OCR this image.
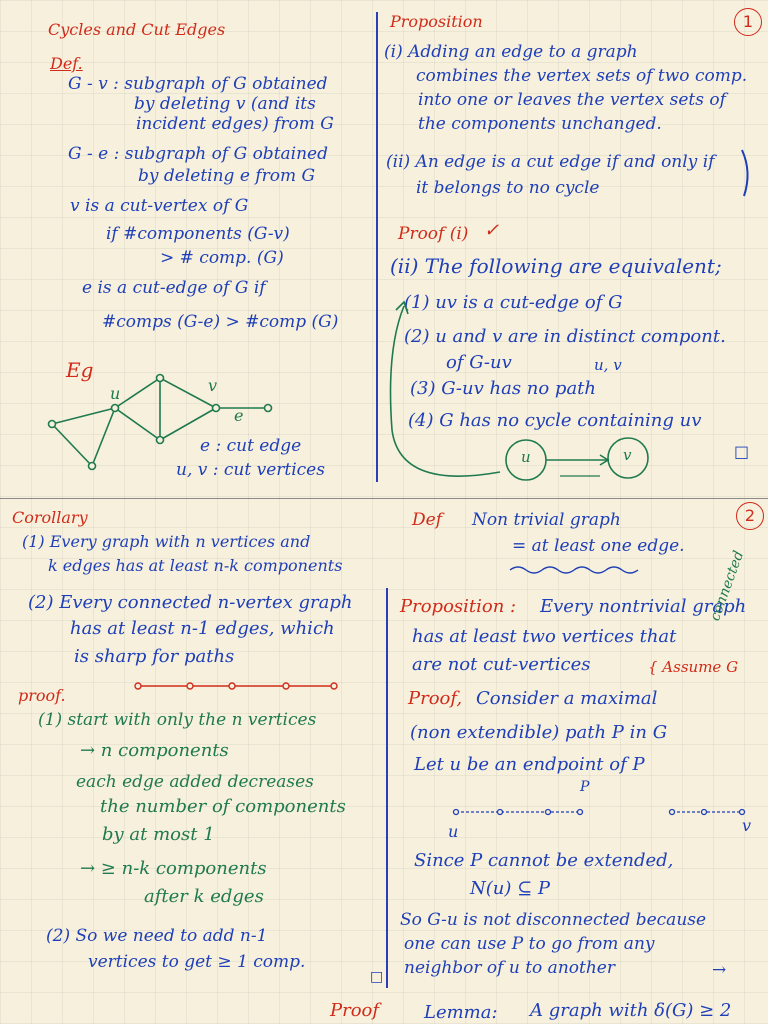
Cycles and Cut Edges
Def.
G - v : subgraph of G obtained
by deleting v (and its
incident edges) from G
G - e : subgraph of G obtained
by deleting e from G
v is a cut-vertex of G
if #components (G-v)
> # comp. (G)
e is a cut-edge of G if
#comps (G-e) > #comp (G)
Eg
u	v
e
e : cut edge
u, v : cut vertices
Proposition	1
(i) Adding an edge to a graph
combines the vertex sets of two comp.
into one or leaves the vertex sets of
the components unchanged.
(ii) An edge is a cut edge if and only if
it belongs to no cycle
Proof (i) ✓
(ii) The following are equivalent;
(1) uv is a cut-edge of G
(2) u and v are in distinct compont.
of G-uv	u, v
(3) G-uv has no path
(4) G has no cycle containing uv
u	v	□
Corollary
(1) Every graph with n vertices and
k edges has at least n-k components
(2) Every connected n-vertex graph
has at least n-1 edges, which
is sharp for paths
proof.
(1) start with only the n vertices
→ n components
each edge added decreases
the number of components
by at most 1
→ ≥ n-k components
after k edges
(2) So we need to add n-1
vertices to get ≥ 1 comp.
□
Def Non trivial graph
= at least one edge.
2
Proposition : Every nontrivial graph
has at least two vertices that
are not cut-vertices	{ Assume G
connected
Proof, Consider a maximal
(non extendible) path P in G
Let u be an endpoint of P
P
u	v
Since P cannot be extended,
N(u) ⊆ P
So G-u is not disconnected because
one can use P to go from any
neighbor of u to another	→
Proof Lemma: A graph with δ(G) ≥ 2
